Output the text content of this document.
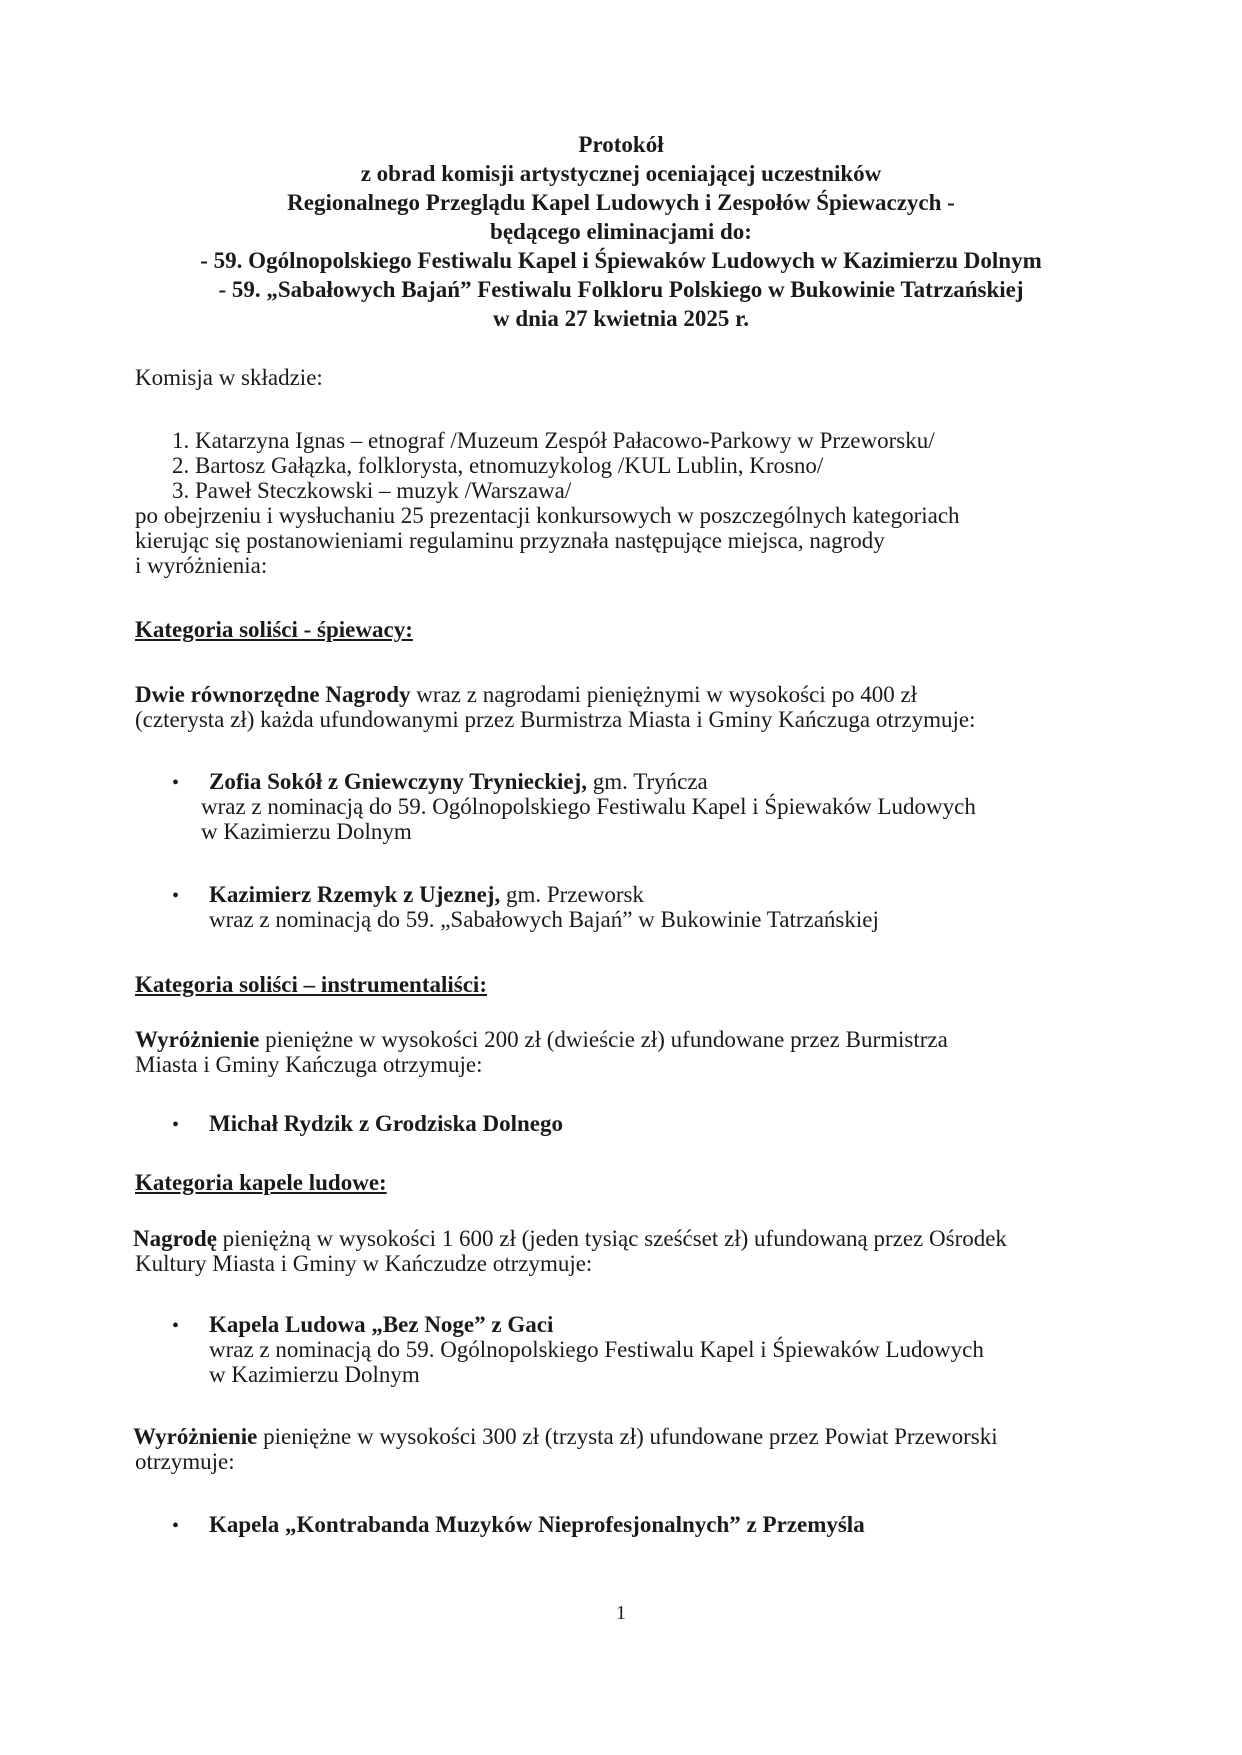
Protokół
z obrad komisji artystycznej oceniającej uczestników
Regionalnego Przeglądu Kapel Ludowych i Zespołów Śpiewaczych -
będącego eliminacjami do:
- 59. Ogólnopolskiego Festiwalu Kapel i Śpiewaków Ludowych w Kazimierzu Dolnym
- 59. „Sabałowych Bajań” Festiwalu Folkloru Polskiego w Bukowinie Tatrzańskiej
w dnia 27 kwietnia 2025 r.
Komisja w składzie:
1. Katarzyna Ignas – etnograf /Muzeum Zespół Pałacowo-Parkowy w Przeworsku/
2. Bartosz Gałązka, folklorysta, etnomuzykolog /KUL Lublin, Krosno/
3. Paweł Steczkowski – muzyk /Warszawa/
po obejrzeniu i wysłuchaniu 25 prezentacji konkursowych w poszczególnych kategoriach
kierując się postanowieniami regulaminu przyznała następujące miejsca, nagrody
i wyróżnienia:
Kategoria soliści - śpiewacy:
Dwie równorzędne Nagrody wraz z nagrodami pieniężnymi w wysokości po 400 zł
(czterysta zł) każda ufundowanymi przez Burmistrza Miasta i Gminy Kańczuga otrzymuje:
• Zofia Sokół z Gniewczyny Trynieckiej, gm. Tryńcza
wraz z nominacją do 59. Ogólnopolskiego Festiwalu Kapel i Śpiewaków Ludowych
w Kazimierzu Dolnym
• Kazimierz Rzemyk z Ujeznej, gm. Przeworsk
wraz z nominacją do 59. „Sabałowych Bajań” w Bukowinie Tatrzańskiej
Kategoria soliści – instrumentaliści:
Wyróżnienie pieniężne w wysokości 200 zł (dwieście zł) ufundowane przez Burmistrza
Miasta i Gminy Kańczuga otrzymuje:
• Michał Rydzik z Grodziska Dolnego
Kategoria kapele ludowe:
Nagrodę pieniężną w wysokości 1 600 zł (jeden tysiąc sześćset zł) ufundowaną przez Ośrodek
Kultury Miasta i Gminy w Kańczudze otrzymuje:
• Kapela Ludowa „Bez Noge” z Gaci
wraz z nominacją do 59. Ogólnopolskiego Festiwalu Kapel i Śpiewaków Ludowych
w Kazimierzu Dolnym
Wyróżnienie pieniężne w wysokości 300 zł (trzysta zł) ufundowane przez Powiat Przeworski
otrzymuje:
• Kapela „Kontrabanda Muzyków Nieprofesjonalnych” z Przemyśla
1
